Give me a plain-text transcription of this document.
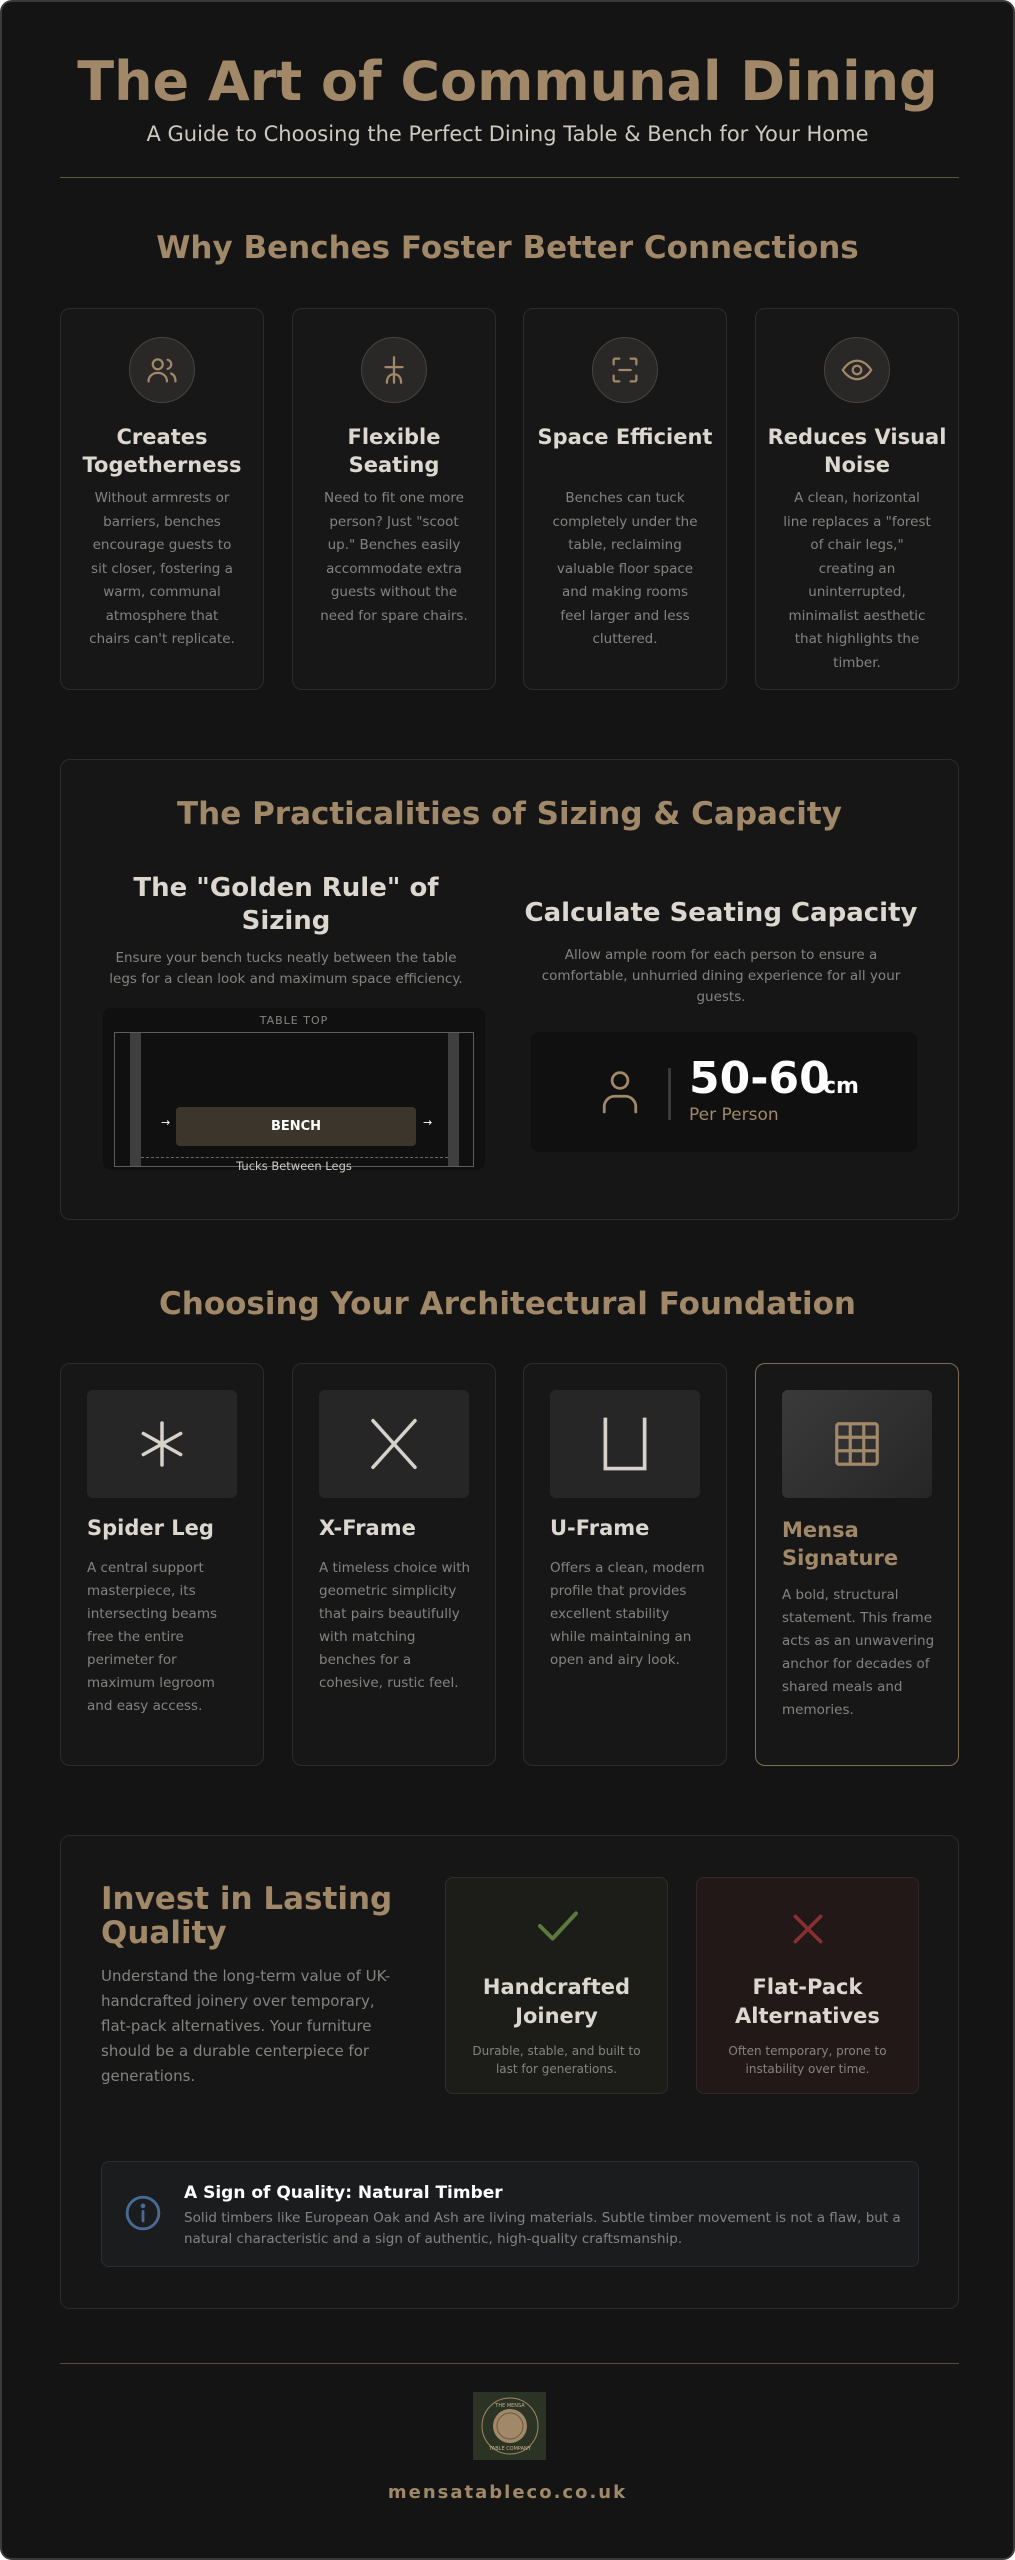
The Art of Communal Dining
A Guide to Choosing the Perfect Dining Table & Bench for Your Home
Why Benches Foster Better Connections
Creates Togetherness
Without armrests or barriers, benches encourage guests to sit closer, fostering a warm, communal atmosphere that chairs can't replicate.
Flexible Seating
Need to fit one more person? Just "scoot up." Benches easily accommodate extra guests without the need for spare chairs.
Space Efficient
Benches can tuck completely under the table, reclaiming valuable floor space and making rooms feel larger and less cluttered.
Reduces Visual Noise
A clean, horizontal line replaces a "forest of chair legs," creating an uninterrupted, minimalist aesthetic that highlights the timber.
The Practicalities of Sizing & Capacity
The "Golden Rule" of Sizing
Ensure your bench tucks neatly between the table legs for a clean look and maximum space efficiency.
TABLE TOP
BENCH
→	→
Tucks Between Legs
Calculate Seating Capacity
Allow ample room for each person to ensure a comfortable, unhurried dining experience for all your guests.
50-60
cm
Per Person
Choosing Your Architectural Foundation
Spider Leg
A central support masterpiece, its intersecting beams free the entire perimeter for maximum legroom and easy access.
X-Frame
A timeless choice with geometric simplicity that pairs beautifully with matching benches for a cohesive, rustic feel.
U-Frame
Offers a clean, modern profile that provides excellent stability while maintaining an open and airy look.
Mensa Signature
A bold, structural statement. This frame acts as an unwavering anchor for decades of shared meals and memories.
Invest in Lasting Quality
Understand the long-term value of UK-handcrafted joinery over temporary, flat-pack alternatives. Your furniture should be a durable centerpiece for generations.
Handcrafted Joinery
Durable, stable, and built to last for generations.
Flat-Pack Alternatives
Often temporary, prone to instability over time.
A Sign of Quality: Natural Timber
Solid timbers like European Oak and Ash are living materials. Subtle timber movement is not a flaw, but a natural characteristic and a sign of authentic, high-quality craftsmanship.
THE MENSA
TABLE COMPANY
mensatableco.co.uk
